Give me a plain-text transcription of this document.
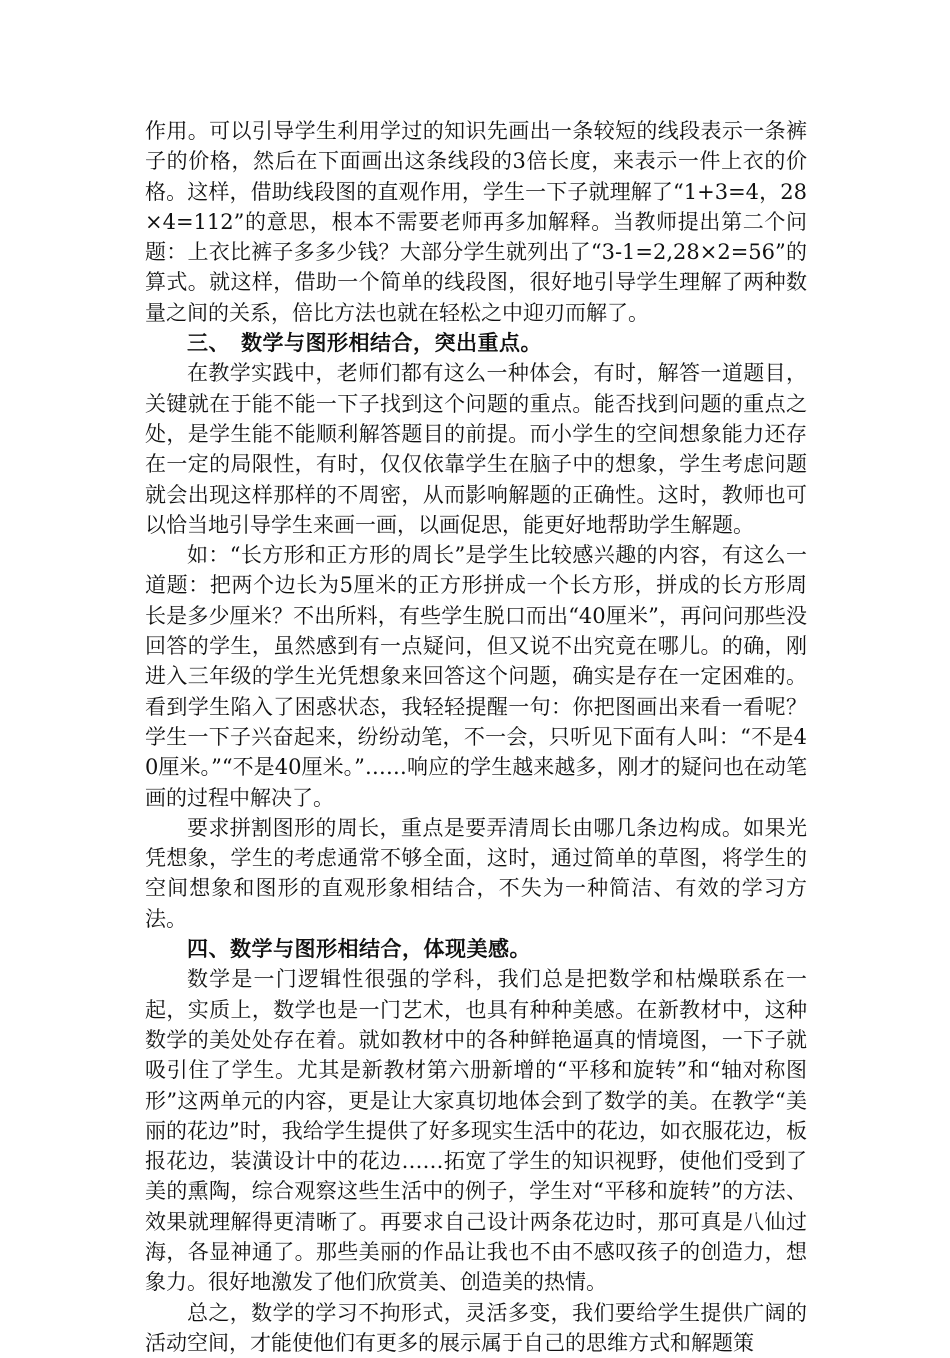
作用。可以引导学生利用学过的知识先画出一条较短的线段表示一条裤子的价格，然后在下面画出这条线段的3倍长度，来表示一件上衣的价格。这样，借助线段图的直观作用，学生一下子就理解了“1+3=4，28×4=112”的意思，根本不需要老师再多加解释。当教师提出第二个问题：上衣比裤子多多少钱？大部分学生就列出了“3-1=2,28×2=56”的算式。就这样，借助一个简单的线段图，很好地引导学生理解了两种数量之间的关系，倍比方法也就在轻松之中迎刃而解了。

三、　数学与图形相结合，突出重点。

在教学实践中，老师们都有这么一种体会，有时，解答一道题目，关键就在于能不能一下子找到这个问题的重点。能否找到问题的重点之处，是学生能不能顺利解答题目的前提。而小学生的空间想象能力还存在一定的局限性，有时，仅仅依靠学生在脑子中的想象，学生考虑问题就会出现这样那样的不周密，从而影响解题的正确性。这时，教师也可以恰当地引导学生来画一画，以画促思，能更好地帮助学生解题。

如：“长方形和正方形的周长”是学生比较感兴趣的内容，有这么一道题：把两个边长为5厘米的正方形拼成一个长方形，拼成的长方形周长是多少厘米？不出所料，有些学生脱口而出“40厘米”，再问问那些没回答的学生，虽然感到有一点疑问，但又说不出究竟在哪儿。的确，刚进入三年级的学生光凭想象来回答这个问题，确实是存在一定困难的。看到学生陷入了困惑状态，我轻轻提醒一句：你把图画出来看一看呢？学生一下子兴奋起来，纷纷动笔，不一会，只听见下面有人叫：“不是40厘米。”“不是40厘米。”……响应的学生越来越多，刚才的疑问也在动笔画的过程中解决了。

要求拼割图形的周长，重点是要弄清周长由哪几条边构成。如果光凭想象，学生的考虑通常不够全面，这时，通过简单的草图，将学生的空间想象和图形的直观形象相结合，不失为一种简洁、有效的学习方法。

四、数学与图形相结合，体现美感。

数学是一门逻辑性很强的学科，我们总是把数学和枯燥联系在一起，实质上，数学也是一门艺术，也具有种种美感。在新教材中，这种数学的美处处存在着。就如教材中的各种鲜艳逼真的情境图，一下子就吸引住了学生。尤其是新教材第六册新增的“平移和旋转”和“轴对称图形”这两单元的内容，更是让大家真切地体会到了数学的美。在教学“美丽的花边”时，我给学生提供了好多现实生活中的花边，如衣服花边，板报花边，装潢设计中的花边……拓宽了学生的知识视野，使他们受到了美的熏陶，综合观察这些生活中的例子，学生对“平移和旋转”的方法、效果就理解得更清晰了。再要求自己设计两条花边时，那可真是八仙过海，各显神通了。那些美丽的作品让我也不由不感叹孩子的创造力，想象力。很好地激发了他们欣赏美、创造美的热情。

总之，数学的学习不拘形式，灵活多变，我们要给学生提供广阔的活动空间，才能使他们有更多的展示属于自己的思维方式和解题策
